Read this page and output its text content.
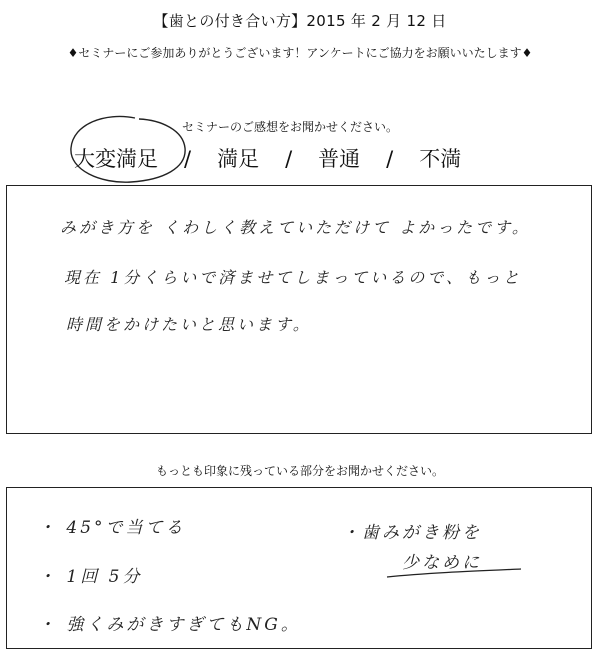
【歯との付き合い方】2015 年 2 月 12 日
♦セミナーにご参加ありがとうございます！アンケートにご協力をお願いいたします♦
セミナーのご感想をお聞かせください。
大変満足 / 満足 / 普通 / 不満
みがき方を くわしく教えていただけて よかったです。
現在 1分くらいで済ませてしまっているので、もっと
時間をかけたいと思います。
もっとも印象に残っている部分をお聞かせください。
・ 45°で当てる
・ 1回 5分
・ 強くみがきすぎてもNG。
・歯みがき粉を
少なめに
